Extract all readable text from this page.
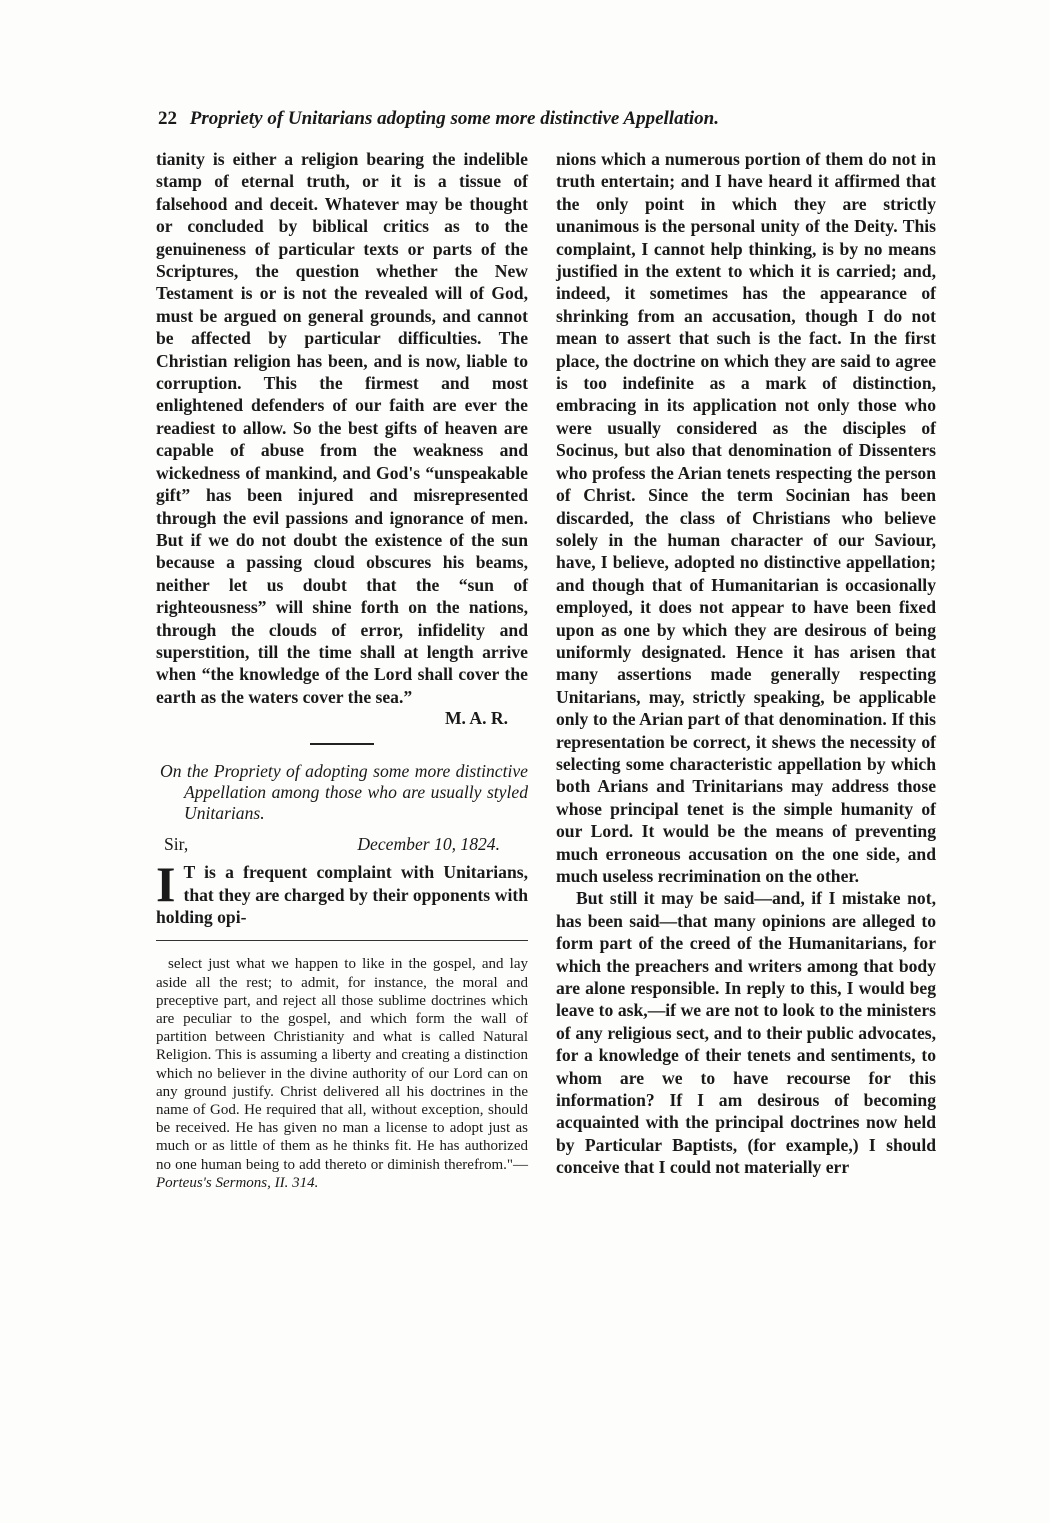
22 Propriety of Unitarians adopting some more distinctive Appellation.

tianity is either a religion bearing the indelible stamp of eternal truth, or it is a tissue of falsehood and deceit. Whatever may be thought or concluded by biblical critics as to the genuineness of particular texts or parts of the Scriptures, the question whether the New Testament is or is not the revealed will of God, must be argued on general grounds, and cannot be affected by particular difficulties. The Christian religion has been, and is now, liable to corruption. This the firmest and most enlightened defenders of our faith are ever the readiest to allow. So the best gifts of heaven are capable of abuse from the weakness and wickedness of mankind, and God's “unspeakable gift” has been injured and misrepresented through the evil passions and ignorance of men. But if we do not doubt the existence of the sun because a passing cloud obscures his beams, neither let us doubt that the “sun of righteousness” will shine forth on the nations, through the clouds of error, infidelity and superstition, till the time shall at length arrive when “the knowledge of the Lord shall cover the earth as the waters cover the sea.”

M. A. R.

On the Propriety of adopting some more distinctive Appellation among those who are usually styled Unitarians.

Sir,	December 10, 1824.

I T is a frequent complaint with Unitarians, that they are charged by their opponents with holding opi-

select just what we happen to like in the gospel, and lay aside all the rest; to admit, for instance, the moral and preceptive part, and reject all those sublime doctrines which are peculiar to the gospel, and which form the wall of partition between Christianity and what is called Natural Religion. This is assuming a liberty and creating a distinction which no believer in the divine authority of our Lord can on any ground justify. Christ delivered all his doctrines in the name of God. He required that all, without exception, should be received. He has given no man a license to adopt just as much or as little of them as he thinks fit. He has authorized no one human being to add thereto or diminish therefrom."—Porteus's Sermons, II. 314.

nions which a numerous portion of them do not in truth entertain; and I have heard it affirmed that the only point in which they are strictly unanimous is the personal unity of the Deity. This complaint, I cannot help thinking, is by no means justified in the extent to which it is carried; and, indeed, it sometimes has the appearance of shrinking from an accusation, though I do not mean to assert that such is the fact. In the first place, the doctrine on which they are said to agree is too indefinite as a mark of distinction, embracing in its application not only those who were usually considered as the disciples of Socinus, but also that denomination of Dissenters who profess the Arian tenets respecting the person of Christ. Since the term Socinian has been discarded, the class of Christians who believe solely in the human character of our Saviour, have, I believe, adopted no distinctive appellation; and though that of Humanitarian is occasionally employed, it does not appear to have been fixed upon as one by which they are desirous of being uniformly designated. Hence it has arisen that many assertions made generally respecting Unitarians, may, strictly speaking, be applicable only to the Arian part of that denomination. If this representation be correct, it shews the necessity of selecting some characteristic appellation by which both Arians and Trinitarians may address those whose principal tenet is the simple humanity of our Lord. It would be the means of preventing much erroneous accusation on the one side, and much useless recrimination on the other.

But still it may be said—and, if I mistake not, has been said—that many opinions are alleged to form part of the creed of the Humanitarians, for which the preachers and writers among that body are alone responsible. In reply to this, I would beg leave to ask,—if we are not to look to the ministers of any religious sect, and to their public advocates, for a knowledge of their tenets and sentiments, to whom are we to have recourse for this information? If I am desirous of becoming acquainted with the principal doctrines now held by Particular Baptists, (for example,) I should conceive that I could not materially err
